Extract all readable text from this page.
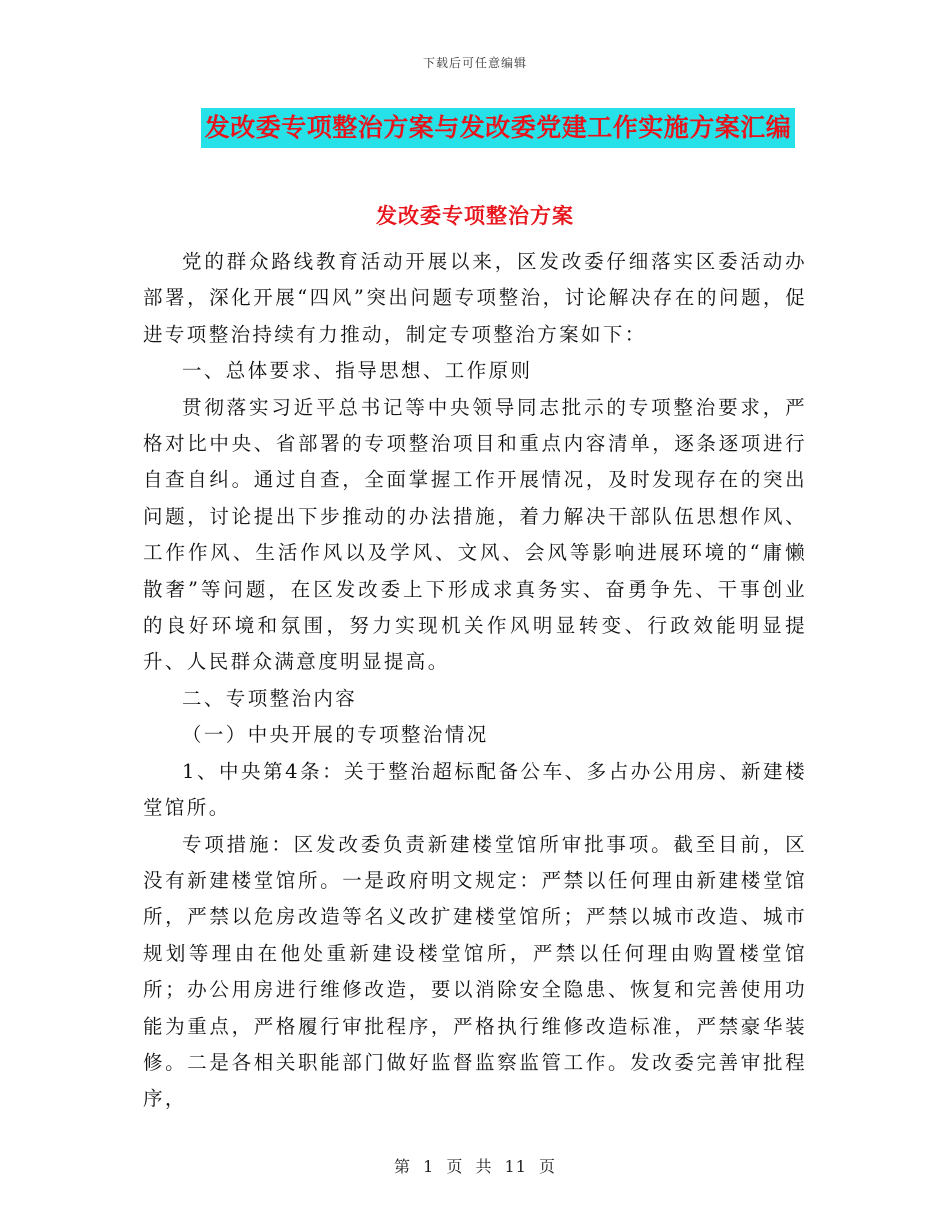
下载后可任意编辑
发改委专项整治方案与发改委党建工作实施方案汇编
发改委专项整治方案

党的群众路线教育活动开展以来，区发改委仔细落实区委活动办部署，深化开展“四风”突出问题专项整治，讨论解决存在的问题，促进专项整治持续有力推动，制定专项整治方案如下：

一、总体要求、指导思想、工作原则

贯彻落实习近平总书记等中央领导同志批示的专项整治要求，严格对比中央、省部署的专项整治项目和重点内容清单，逐条逐项进行自查自纠。通过自查，全面掌握工作开展情况，及时发现存在的突出问题，讨论提出下步推动的办法措施，着力解决干部队伍思想作风、工作作风、生活作风以及学风、文风、会风等影响进展环境的“庸懒散奢”等问题，在区发改委上下形成求真务实、奋勇争先、干事创业的良好环境和氛围，努力实现机关作风明显转变、行政效能明显提升、人民群众满意度明显提高。

二、专项整治内容

（一）中央开展的专项整治情况

1、中央第4条：关于整治超标配备公车、多占办公用房、新建楼堂馆所。

专项措施：区发改委负责新建楼堂馆所审批事项。截至目前，区没有新建楼堂馆所。一是政府明文规定：严禁以任何理由新建楼堂馆所，严禁以危房改造等名义改扩建楼堂馆所；严禁以城市改造、城市规划等理由在他处重新建设楼堂馆所，严禁以任何理由购置楼堂馆所；办公用房进行维修改造，要以消除安全隐患、恢复和完善使用功能为重点，严格履行审批程序，严格执行维修改造标准，严禁豪华装修。二是各相关职能部门做好监督监察监管工作。发改委完善审批程序，

第 1 页 共 11 页
